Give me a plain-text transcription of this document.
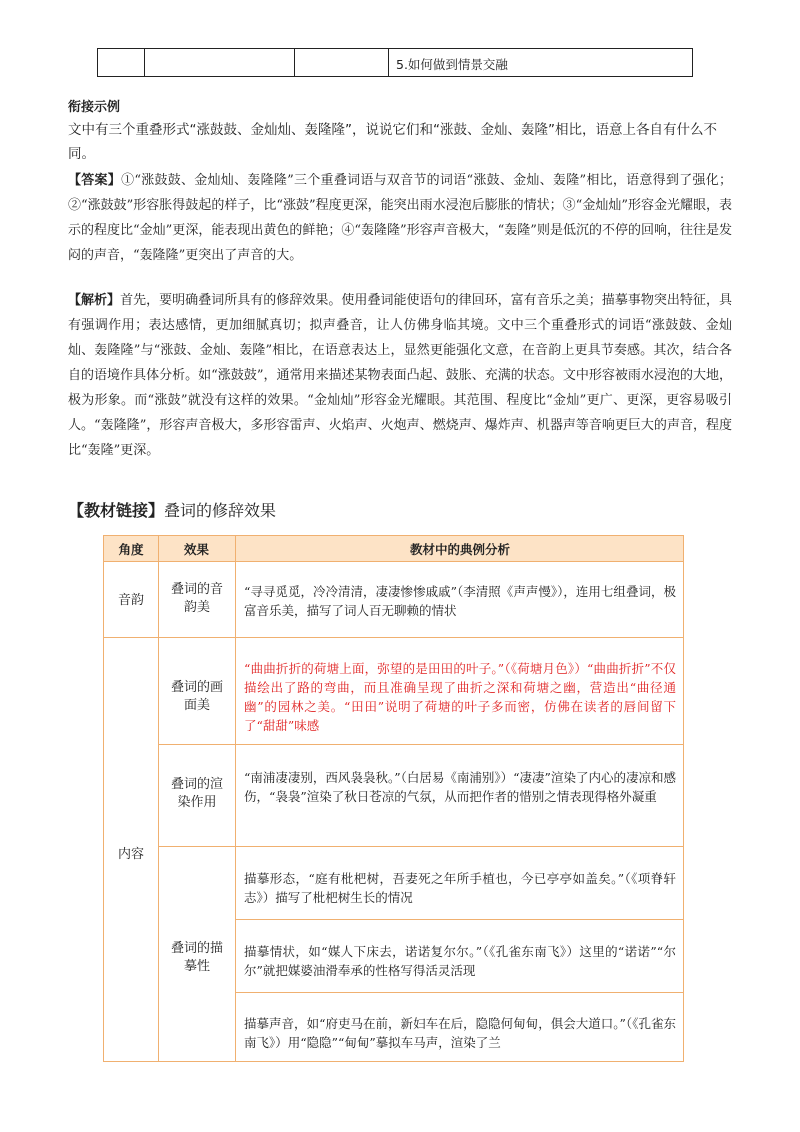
5.如何做到情景交融
衔接示例
文中有三个重叠形式“涨鼓鼓、金灿灿、轰隆隆”，说说它们和“涨鼓、金灿、轰隆”相比，语意上各自有什么不同。
【答案】①“涨鼓鼓、金灿灿、轰隆隆”三个重叠词语与双音节的词语“涨鼓、金灿、轰隆”相比，语意得到了强化；②“涨鼓鼓”形容胀得鼓起的样子，比“涨鼓”程度更深，能突出雨水浸泡后膨胀的情状；③“金灿灿”形容金光耀眼，表示的程度比“金灿”更深，能表现出黄色的鲜艳；④“轰隆隆”形容声音极大，“轰隆”则是低沉的不停的回响，往往是发闷的声音，“轰隆隆”更突出了声音的大。
【解析】首先，要明确叠词所具有的修辞效果。使用叠词能使语句的律回环，富有音乐之美；描摹事物突出特征，具有强调作用；表达感情，更加细腻真切；拟声叠音，让人仿佛身临其境。文中三个重叠形式的词语“涨鼓鼓、金灿灿、轰隆隆”与“涨鼓、金灿、轰隆”相比，在语意表达上，显然更能强化文意，在音韵上更具节奏感。其次，结合各自的语境作具体分析。如“涨鼓鼓”，通常用来描述某物表面凸起、鼓胀、充满的状态。文中形容被雨水浸泡的大地，极为形象。而“涨鼓”就没有这样的效果。“金灿灿”形容金光耀眼。其范围、程度比“金灿”更广、更深，更容易吸引人。“轰隆隆”，形容声音极大，多形容雷声、火焰声、火炮声、燃烧声、爆炸声、机器声等音响更巨大的声音，程度比“轰隆”更深。
【教材链接】叠词的修辞效果
角度	效果	教材中的典例分析
音韵
内容
叠词的音韵美
叠词的画面美
叠词的渲染作用
叠词的描摹性
“寻寻觅觅，冷冷清清，凄凄惨惨戚戚”（李清照《声声慢》），连用七组叠词，极富音乐美，描写了词人百无聊赖的情状
“曲曲折折的荷塘上面，弥望的是田田的叶子。”（《荷塘月色》）“曲曲折折”不仅描绘出了路的弯曲，而且准确呈现了曲折之深和荷塘之幽，营造出“曲径通幽”的园林之美。“田田”说明了荷塘的叶子多而密，仿佛在读者的唇间留下了“甜甜”味感
“南浦凄凄别，西风袅袅秋。”（白居易《南浦别》）“凄凄”渲染了内心的凄凉和感伤，“袅袅”渲染了秋日苍凉的气氛，从而把作者的惜别之情表现得格外凝重
描摹形态，“庭有枇杷树，吾妻死之年所手植也，今已亭亭如盖矣。”（《项脊轩志》）描写了枇杷树生长的情况
描摹情状，如“媒人下床去，诺诺复尔尔。”（《孔雀东南飞》）这里的“诺诺”“尔尔”就把媒婆油滑奉承的性格写得活灵活现
描摹声音，如“府吏马在前，新妇车在后，隐隐何甸甸，俱会大道口。”（《孔雀东南飞》）用“隐隐”“甸甸”摹拟车马声，渲染了兰
